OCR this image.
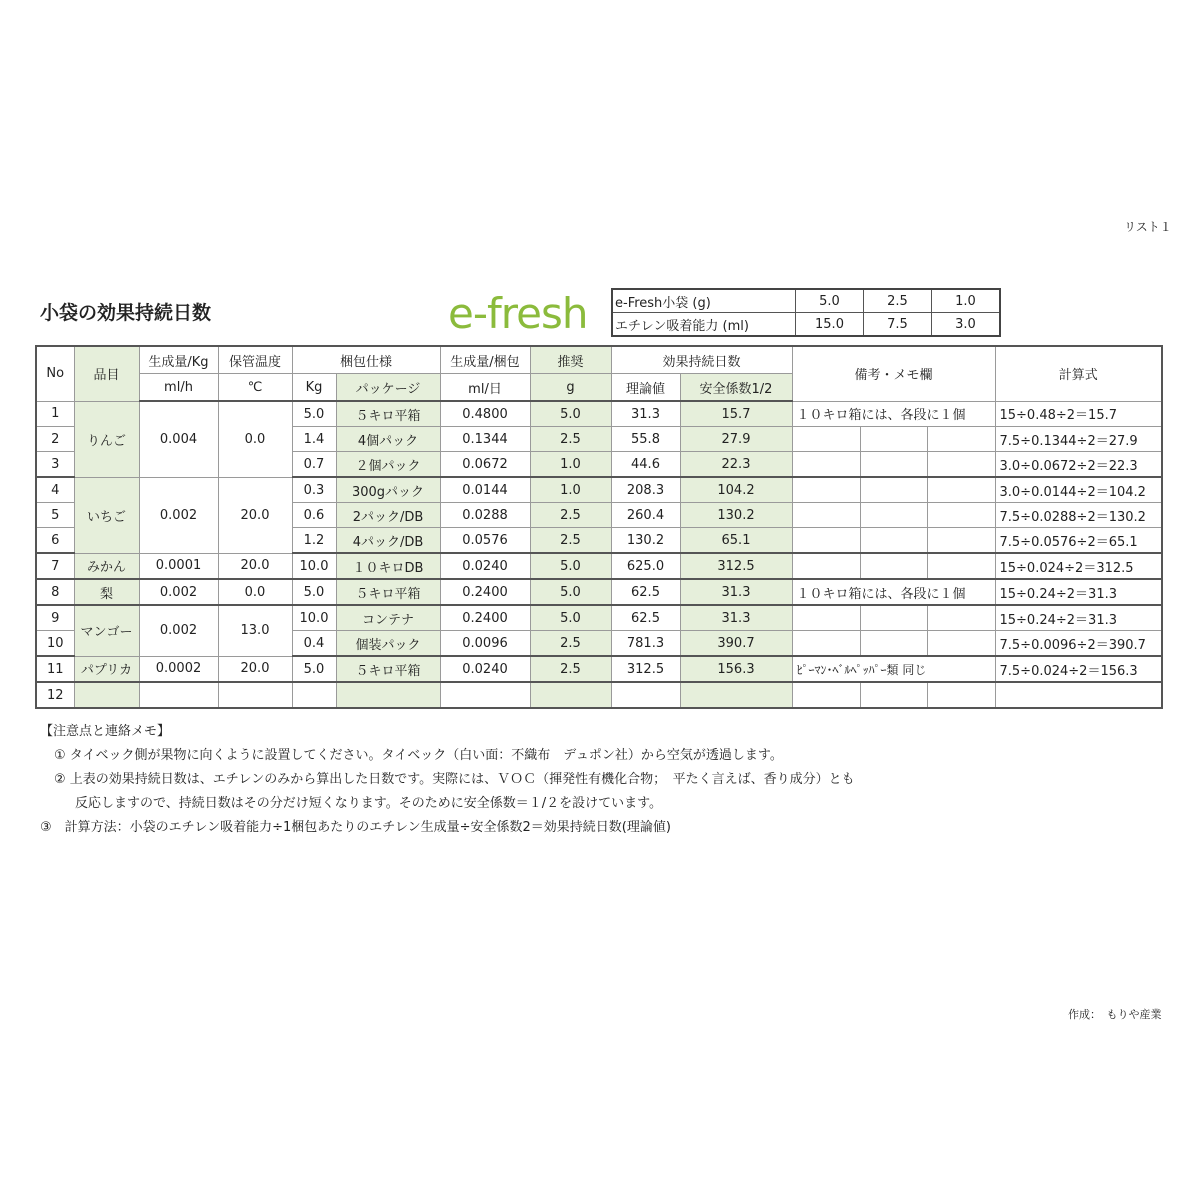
リスト１
小袋の効果持続日数	e-fresh e-Fresh小袋 (g)	5.0	2.5	1.0
エチレン吸着能力 (ml)	15.0	7.5	3.0
No	品目	生成量/Kg	保管温度	梱包仕様		生成量/梱包	推奨	効果持続日数		備考・メモ欄			計算式
		ml/h	℃	Kg	パッケージ	ml/日	g	理論値	安全係数1/2				
1	りんご	0.004	0.0	5.0	５キロ平箱	0.4800	5.0	31.3	15.7	１０キロ箱には、各段に１個			15÷0.48÷2＝15.7
2				1.4	4個パック	0.1344	2.5	55.8	27.9				7.5÷0.1344÷2＝27.9
3				0.7	２個パック	0.0672	1.0	44.6	22.3				3.0÷0.0672÷2＝22.3
4	いちご	0.002	20.0	0.3	300gパック	0.0144	1.0	208.3	104.2				3.0÷0.0144÷2＝104.2
5				0.6	2パック/DB	0.0288	2.5	260.4	130.2				7.5÷0.0288÷2＝130.2
6				1.2	4パック/DB	0.0576	2.5	130.2	65.1				7.5÷0.0576÷2＝65.1
7	みかん	0.0001	20.0	10.0	１０キロDB	0.0240	5.0	625.0	312.5				15÷0.024÷2＝312.5
8	梨	0.002	0.0	5.0	５キロ平箱	0.2400	5.0	62.5	31.3	１０キロ箱には、各段に１個			15÷0.24÷2＝31.3
9	マンゴー	0.002	13.0	10.0	コンテナ	0.2400	5.0	62.5	31.3				15÷0.24÷2＝31.3
10				0.4	個装パック	0.0096	2.5	781.3	390.7				7.5÷0.0096÷2＝390.7
11	パプリカ	0.0002	20.0	5.0	５キロ平箱	0.0240	2.5	312.5	156.3	ﾋﾟｰﾏﾝ･ﾍﾞﾙﾍﾟｯﾊﾟｰ類 同じ			7.5÷0.024÷2＝156.3
12													
【注意点と連絡メモ】
① タイベック側が果物に向くように設置してください。タイベック（白い面：不織布　デュポン社）から空気が透過します。
② 上表の効果持続日数は、エチレンのみから算出した日数です。実際には、ＶＯＣ（揮発性有機化合物；　平たく言えば、香り成分）とも
反応しますので、持続日数はその分だけ短くなります。そのために安全係数＝１/２を設けています。
③　計算方法：小袋のエチレン吸着能力÷1梱包あたりのエチレン生成量÷安全係数2＝効果持続日数(理論値)
作成：　もりや産業
